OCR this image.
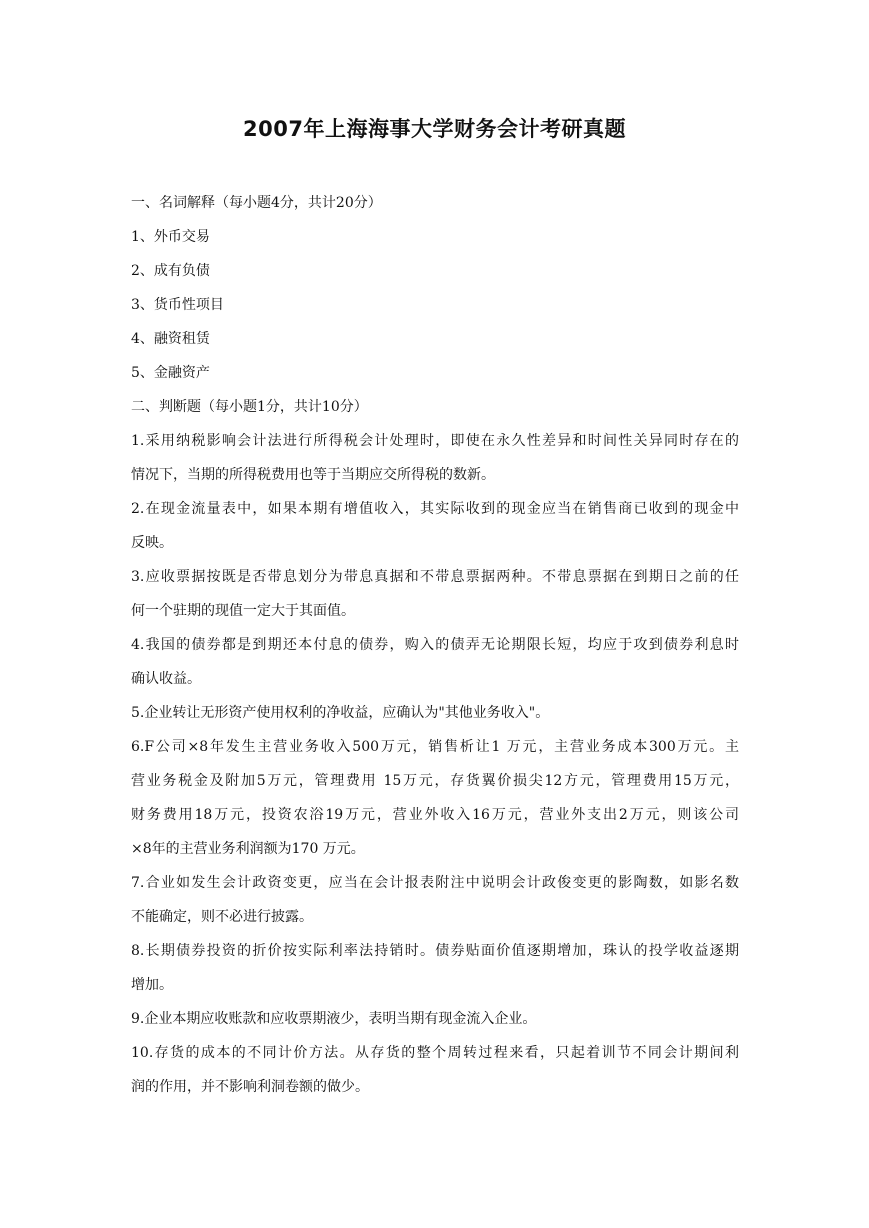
2007年上海海事大学财务会计考研真题
一、名词解释（每小题4分，共计20分）
1、外币交易
2、成有负债
3、货币性项目
4、融资租赁
5、金融资产
二、判断题（每小题1分，共计10分）
1.采用纳税影响会计法进行所得税会计处理时，即使在永久性差异和时间性关异同时存在的
情况下，当期的所得税费用也等于当期应交所得税的数新。
2.在现金流量表中，如果本期有增值收入，其实际收到的现金应当在销售商已收到的现金中
反映。
3.应收票据按既是否带息划分为带息真据和不带息票据两种。不带息票据在到期日之前的任
何一个驻期的现值一定大于其面值。
4.我国的债券都是到期还本付息的债券，购入的债弄无论期限长短，均应于攻到债券利息时
确认收益。
5.企业转让无形资产使用权利的净收益，应确认为"其他业务收入"。
6.F公司×8年发生主营业务收入500万元，销售析让1 万元，主营业务成本300万元。主
营业务税金及附加5万元，管理费用 15万元，存货翼价损尖12方元，管理费用15万元，
财务费用18万元，投资农浴19万元，营业外收入16万元，营业外支出2万元，则该公司
×8年的主营业务利润额为170 万元。
7.合业如发生会计政资变更，应当在会计报表附注中说明会计政俊变更的影陶数，如影名数
不能确定，则不必进行披露。
8.长期债券投资的折价按实际利率法持销时。债券贴面价值逐期增加，珠认的投学收益逐期
增加。
9.企业本期应收账款和应收票期液少，表明当期有现金流入企业。
10.存货的成本的不同计价方法。从存货的整个周转过程来看，只起着训节不同会计期间利
润的作用，并不影响利洞卷额的做少。
